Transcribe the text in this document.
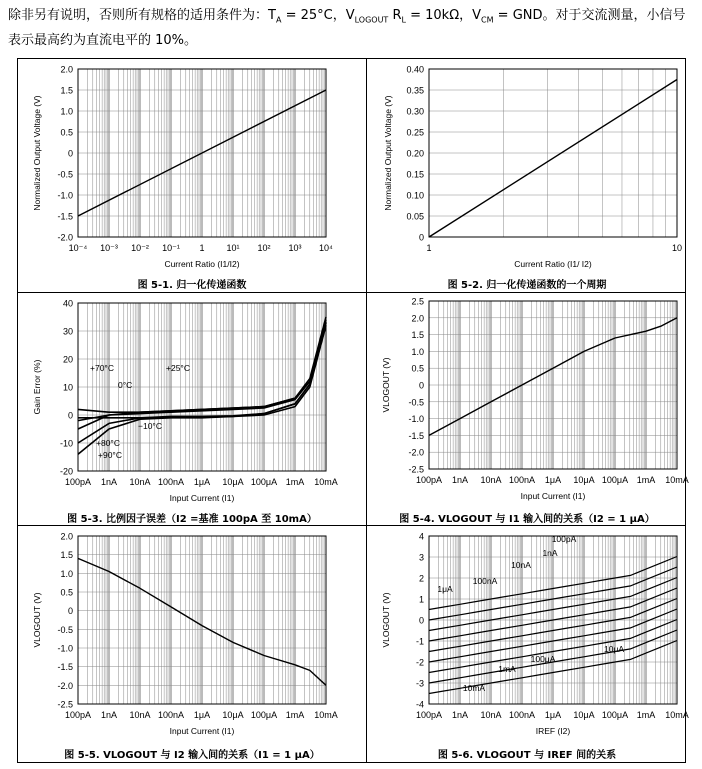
除非另有说明，否则所有规格的适用条件为：$T_A = 25^\circ C$，$V_{LOGOUT}$ $R_L = 10k\Omega$，$V_{CM}$ = GND。对于交流测量，小信号表示最高约为直流电平的 10%。
2.0
1.5
1.0
0.5
0
-0.5
-1.0
-1.5
-2.0
10⁻⁴ 10⁻³ 10⁻² 10⁻¹ 1 10¹ 10² 10³ 10⁴
Current Ratio (I1/I2)
Normalized Output Voltage (V)
图 5-1. 归一化传递函数
0.40
0.35
0.30
0.25
0.20
0.15
0.10
0.05
0
1	10
Current Ratio (I1/ I2)
Normalized Output Voltage (V)
图 5-2. 归一化传递函数的一个周期
40
30
20
10
0
-10
-20
100pA 1nA 10nA 100nA 1μA 10μA 100μA 1mA 10mA
Input Current (I1)
Gain Error (%)	+70°C	+25°C
0°C
−10°C
+80°C
+90°C
图 5-3. 比例因子误差（I2 =基准 100pA 至 10mA）
2.5
2.0
1.5
1.0
0.5
0
-0.5
-1.0
-1.5
-2.0
-2.5
100pA 1nA 10nA 100nA 1μA 10μA 100μA 1mA 10mA
Input Current (I1)
VLOGOUT (V)
图 5-4. VLOGOUT 与 I1 输入间的关系（I2 = 1 μA）
2.0
1.5
1.0
0.5
0
-0.5
-1.0
-1.5
-2.0
-2.5
100pA 1nA 10nA 100nA 1μA 10μA 100μA 1mA 10mA
Input Current (I1)
VLOGOUT (V)
图 5-5. VLOGOUT 与 I2 输入间的关系（I1 = 1 μA）
4
3
2
1
0
-1
-2
-3
-4
100pA 1nA 10nA 100nA 1μA 10μA 100μA 1mA 10mA
IREF (I2)
VLOGOUT (V)
100pA
1nA
10nA
100nA
1μA
10μA
100μA
1mA
10mA
图 5-6. VLOGOUT 与 IREF 间的关系
